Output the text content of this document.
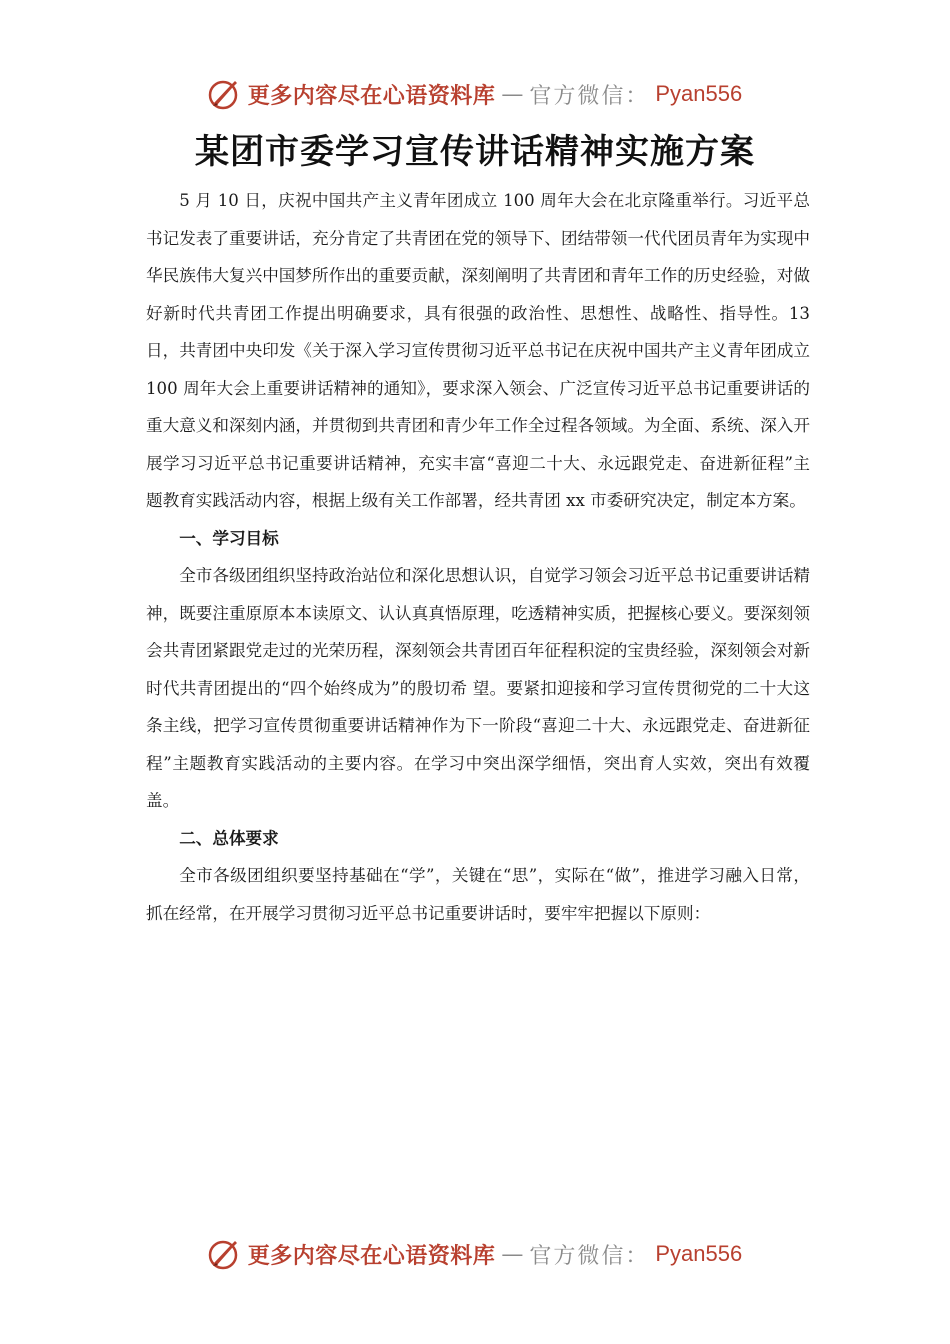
更多内容尽在心语资料库 — 官方微信： Pyan556
某团市委学习宣传讲话精神实施方案

5 月 10 日，庆祝中国共产主义青年团成立 100 周年大会在北京隆重举行。习近平总书记发表了重要讲话，充分肯定了共青团在党的领导下、团结带领一代代团员青年为实现中华民族伟大复兴中国梦所作出的重要贡献，深刻阐明了共青团和青年工作的历史经验，对做好新时代共青团工作提出明确要求，具有很强的政治性、思想性、战略性、指导性。13 日，共青团中央印发《关于深入学习宣传贯彻习近平总书记在庆祝中国共产主义青年团成立 100 周年大会上重要讲话精神的通知》，要求深入领会、广泛宣传习近平总书记重要讲话的重大意义和深刻内涵，并贯彻到共青团和青少年工作全过程各领域。为全面、系统、深入开展学习习近平总书记重要讲话精神，充实丰富“喜迎二十大、永远跟党走、奋进新征程”主题教育实践活动内容，根据上级有关工作部署，经共青团 xx 市委研究决定，制定本方案。

一、学习目标

全市各级团组织坚持政治站位和深化思想认识，自觉学习领会习近平总书记重要讲话精神，既要注重原原本本读原文、认认真真悟原理，吃透精神实质，把握核心要义。要深刻领会共青团紧跟党走过的光荣历程，深刻领会共青团百年征程积淀的宝贵经验，深刻领会对新时代共青团提出的“四个始终成为”的殷切希 望。要紧扣迎接和学习宣传贯彻党的二十大这条主线，把学习宣传贯彻重要讲话精神作为下一阶段“喜迎二十大、永远跟党走、奋进新征程”主题教育实践活动的主要内容。在学习中突出深学细悟，突出育人实效，突出有效覆盖。

二、总体要求

全市各级团组织要坚持基础在“学”，关键在“思”，实际在“做”，推进学习融入日常，抓在经常，在开展学习贯彻习近平总书记重要讲话时，要牢牢把握以下原则：

更多内容尽在心语资料库 — 官方微信： Pyan556
